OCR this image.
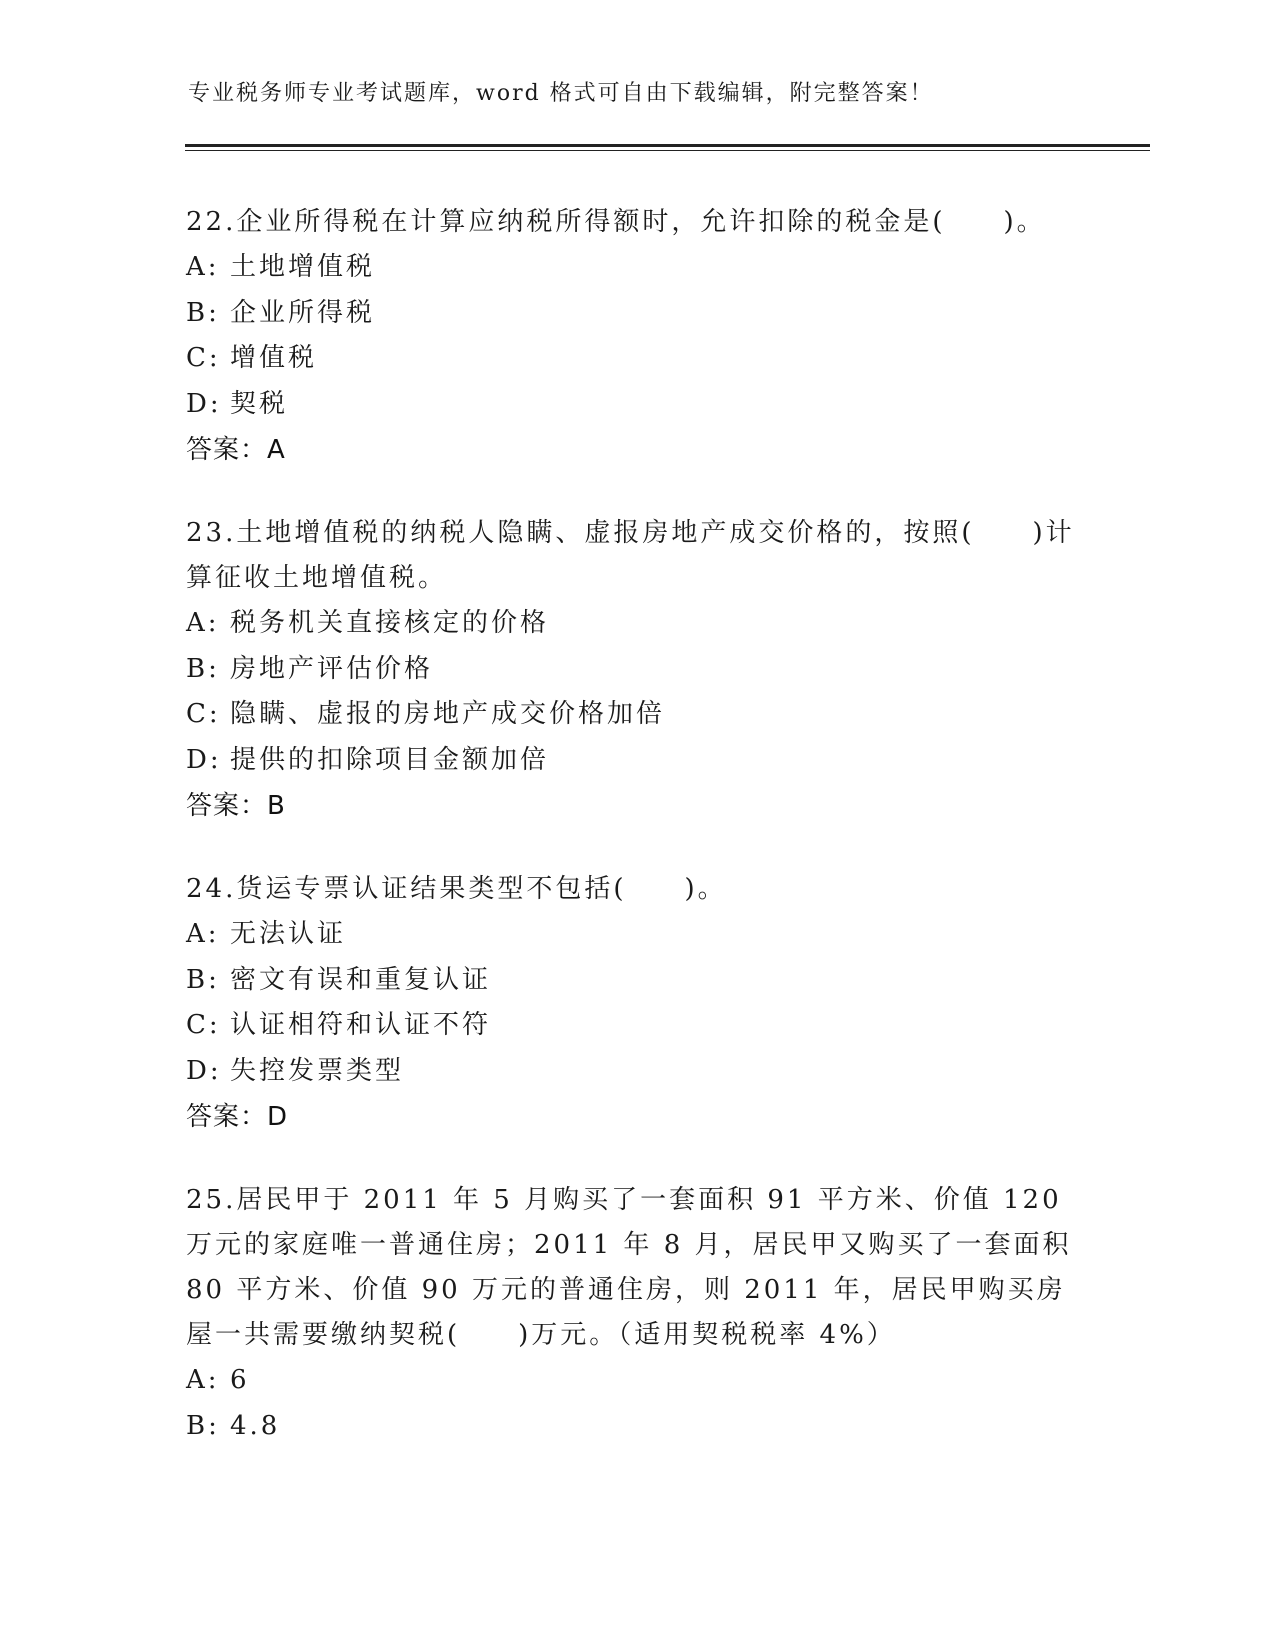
专业税务师专业考试题库，word 格式可自由下载编辑，附完整答案！
22.企业所得税在计算应纳税所得额时，允许扣除的税金是(　　)。
A: 土地增值税
B: 企业所得税
C: 增值税
D: 契税
答案：A
23.土地增值税的纳税人隐瞒、虚报房地产成交价格的，按照(　　)计算征收土地增值税。
A: 税务机关直接核定的价格
B: 房地产评估价格
C: 隐瞒、虚报的房地产成交价格加倍
D: 提供的扣除项目金额加倍
答案：B
24.货运专票认证结果类型不包括(　　)。
A: 无法认证
B: 密文有误和重复认证
C: 认证相符和认证不符
D: 失控发票类型
答案：D
25.居民甲于 2011 年 5 月购买了一套面积 91 平方米、价值 120 万元的家庭唯一普通住房；2011 年 8 月，居民甲又购买了一套面积 80 平方米、价值 90 万元的普通住房，则 2011 年，居民甲购买房屋一共需要缴纳契税(　　)万元。（适用契税税率 4%）
A: 6
B: 4.8
